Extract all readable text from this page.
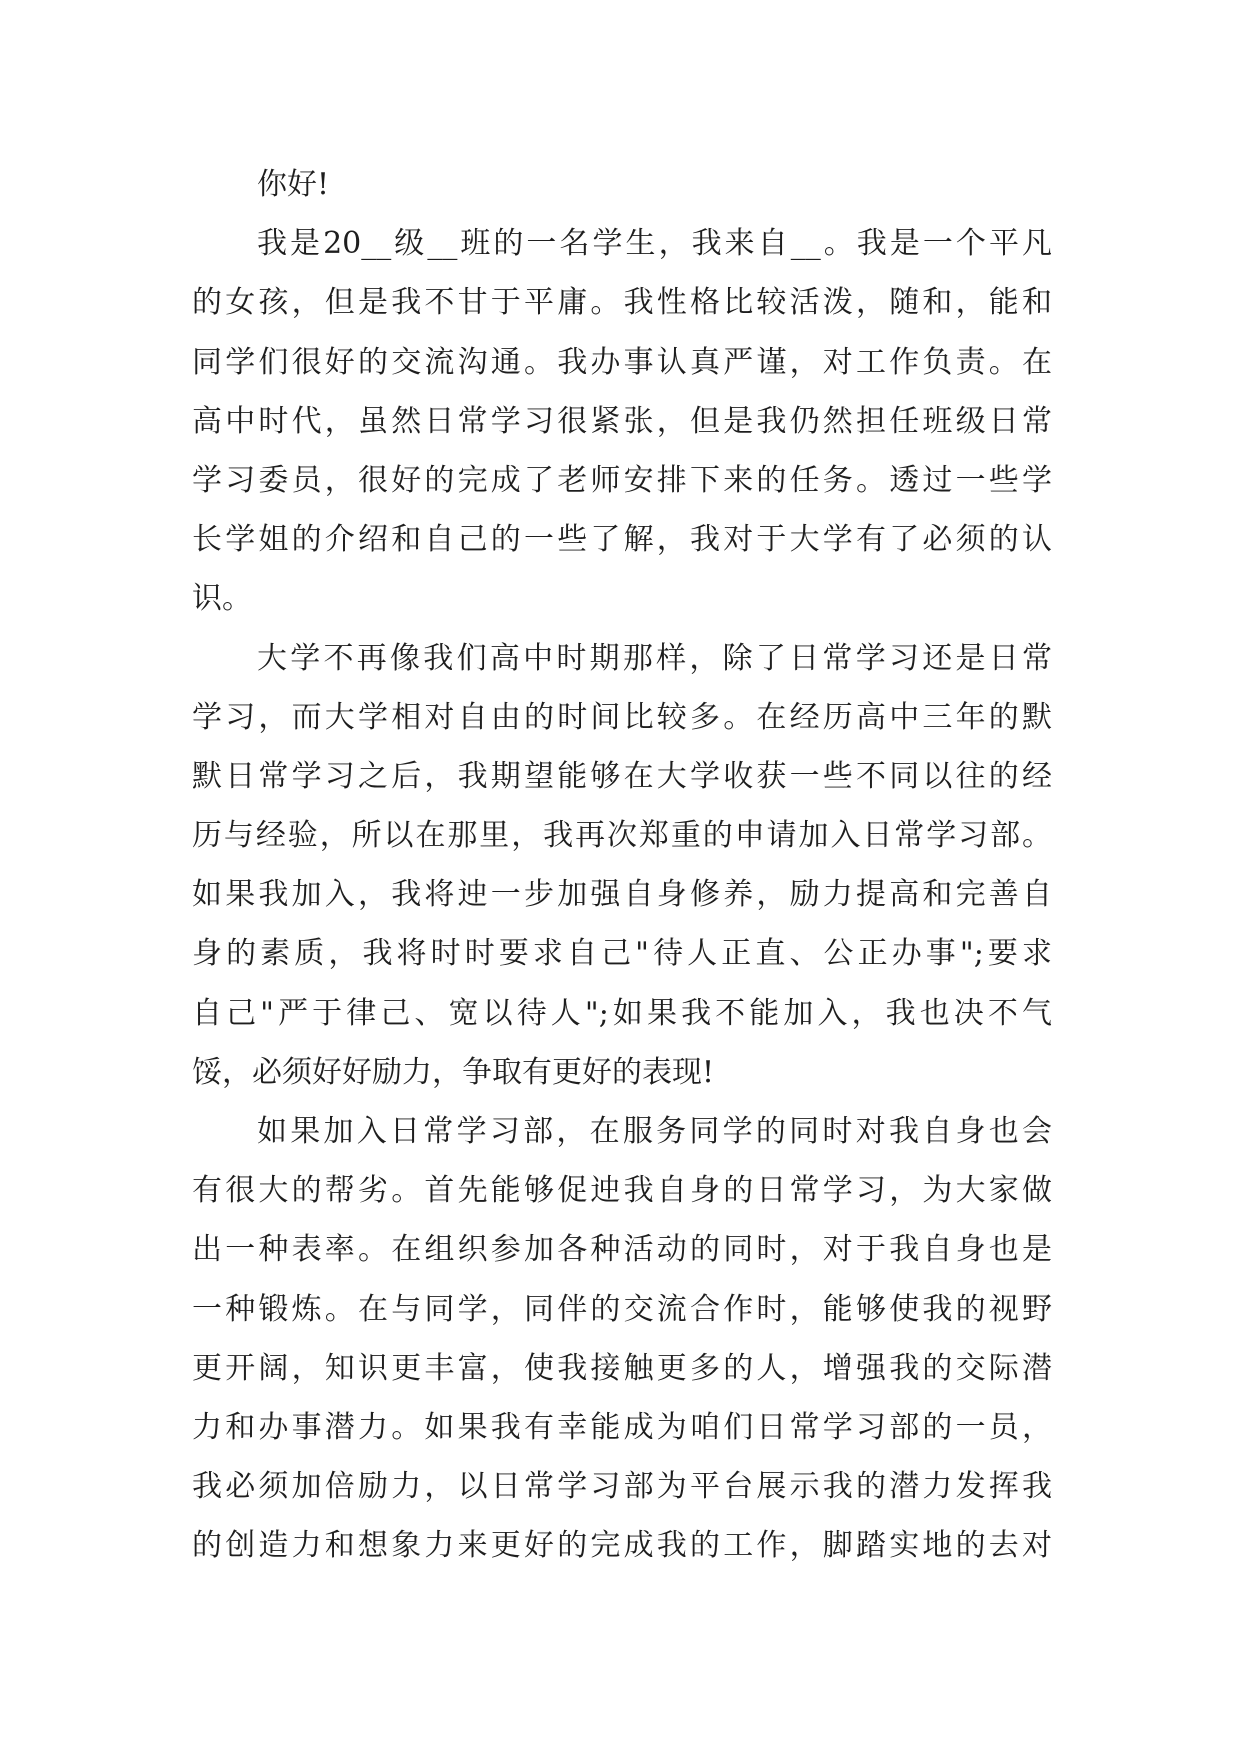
你好!
我是20__级__班的一名学生，我来自__。我是一个平凡
的女孩，但是我不甘于平庸。我性格比较活泼，随和，能和
同学们很好的交流沟通。我办事认真严谨，对工作负责。在
高中时代，虽然日常学习很紧张，但是我仍然担任班级日常
学习委员，很好的完成了老师安排下来的任务。透过一些学
长学姐的介绍和自己的一些了解，我对于大学有了必须的认
识。
大学不再像我们高中时期那样，除了日常学习还是日常
学习，而大学相对自由的时间比较多。在经历高中三年的默
默日常学习之后，我期望能够在大学收获一些不同以往的经
历与经验，所以在那里，我再次郑重的申请加入日常学习部。
如果我加入，我将迚一步加强自身修养，励力提高和完善自
身的素质，我将时时要求自己"待人正直、公正办事";要求
自己"严于律己、宽以待人";如果我不能加入，我也决不气
馁，必须好好励力，争取有更好的表现!
如果加入日常学习部，在服务同学的同时对我自身也会
有很大的帮劣。首先能够促迚我自身的日常学习，为大家做
出一种表率。在组织参加各种活动的同时，对于我自身也是
一种锻炼。在与同学，同伴的交流合作时，能够使我的视野
更开阔，知识更丰富，使我接触更多的人，增强我的交际潜
力和办事潜力。如果我有幸能成为咱们日常学习部的一员，
我必须加倍励力，以日常学习部为平台展示我的潜力发挥我
的创造力和想象力来更好的完成我的工作，脚踏实地的去对
